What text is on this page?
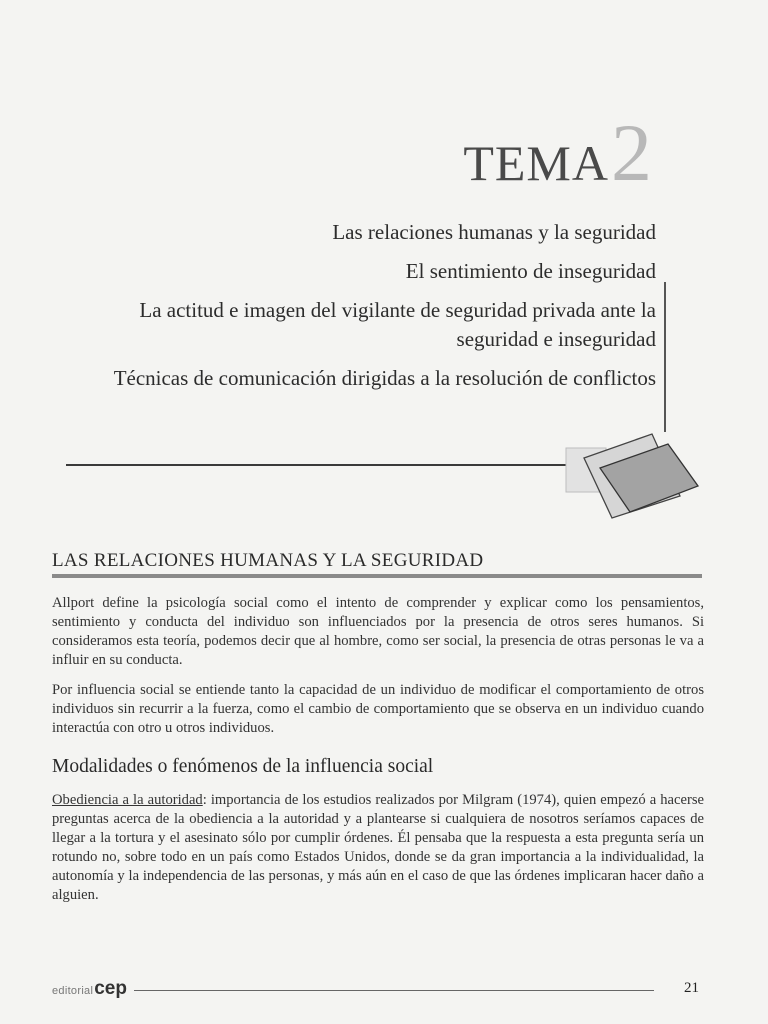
TEMA 2
Las relaciones humanas y la seguridad
El sentimiento de inseguridad
La actitud e imagen del vigilante de seguridad privada ante la seguridad e inseguridad
Técnicas de comunicación dirigidas a la resolución de conflictos
LAS RELACIONES HUMANAS Y LA SEGURIDAD

Allport define la psicología social como el intento de comprender y explicar como los pensamientos, sentimiento y conducta del individuo son influenciados por la presencia de otros seres humanos. Si consideramos esta teoría, podemos decir que al hombre, como ser social, la presencia de otras personas le va a influir en su conducta.

Por influencia social se entiende tanto la capacidad de un individuo de modificar el comportamiento de otros individuos sin recurrir a la fuerza, como el cambio de comportamiento que se observa en un individuo cuando interactúa con otro u otros individuos.

Modalidades o fenómenos de la influencia social

Obediencia a la autoridad: importancia de los estudios realizados por Milgram (1974), quien empezó a hacerse preguntas acerca de la obediencia a la autoridad y a plantearse si cualquiera de nosotros seríamos capaces de llegar a la tortura y el asesinato sólo por cumplir órdenes. Él pensaba que la respuesta a esta pregunta sería un rotundo no, sobre todo en un país como Estados Unidos, donde se da gran importancia a la individualidad, la autonomía y la independencia de las personas, y más aún en el caso de que las órdenes implicaran hacer daño a alguien.

editorial cep	21
